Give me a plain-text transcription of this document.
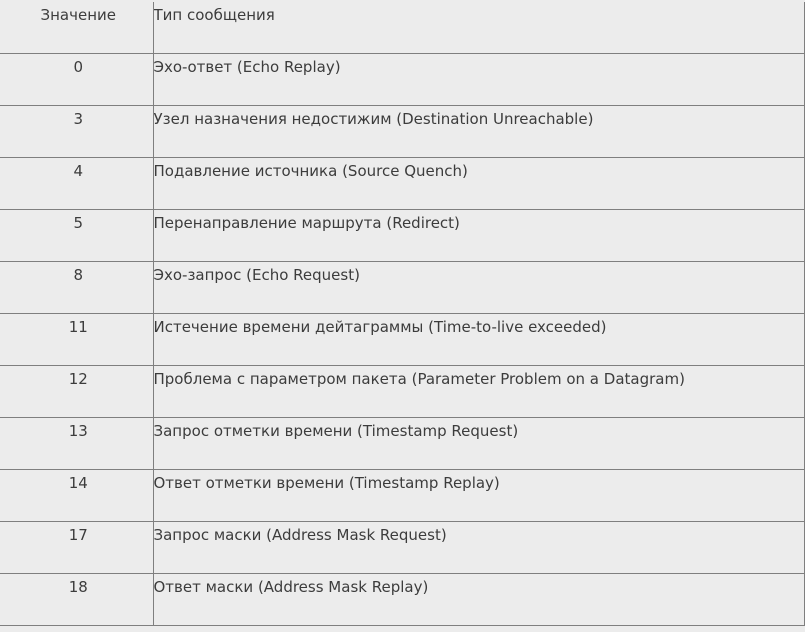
Значение	Тип сообщения
0	Эхо-ответ (Echo Replay)
3	Узел назначения недостижим (Destination Unreachable)
4	Подавление источника (Source Quench)
5	Перенаправление маршрута (Redirect)
8	Эхо-запрос (Echo Request)
11	Истечение времени дейтаграммы (Time-to-live exceeded)
12	Проблема с параметром пакета (Parameter Problem on a Datagram)
13	Запрос отметки времени (Timestamp Request)
14	Ответ отметки времени (Timestamp Replay)
17	Запрос маски (Address Mask Request)
18	Ответ маски (Address Mask Replay)
